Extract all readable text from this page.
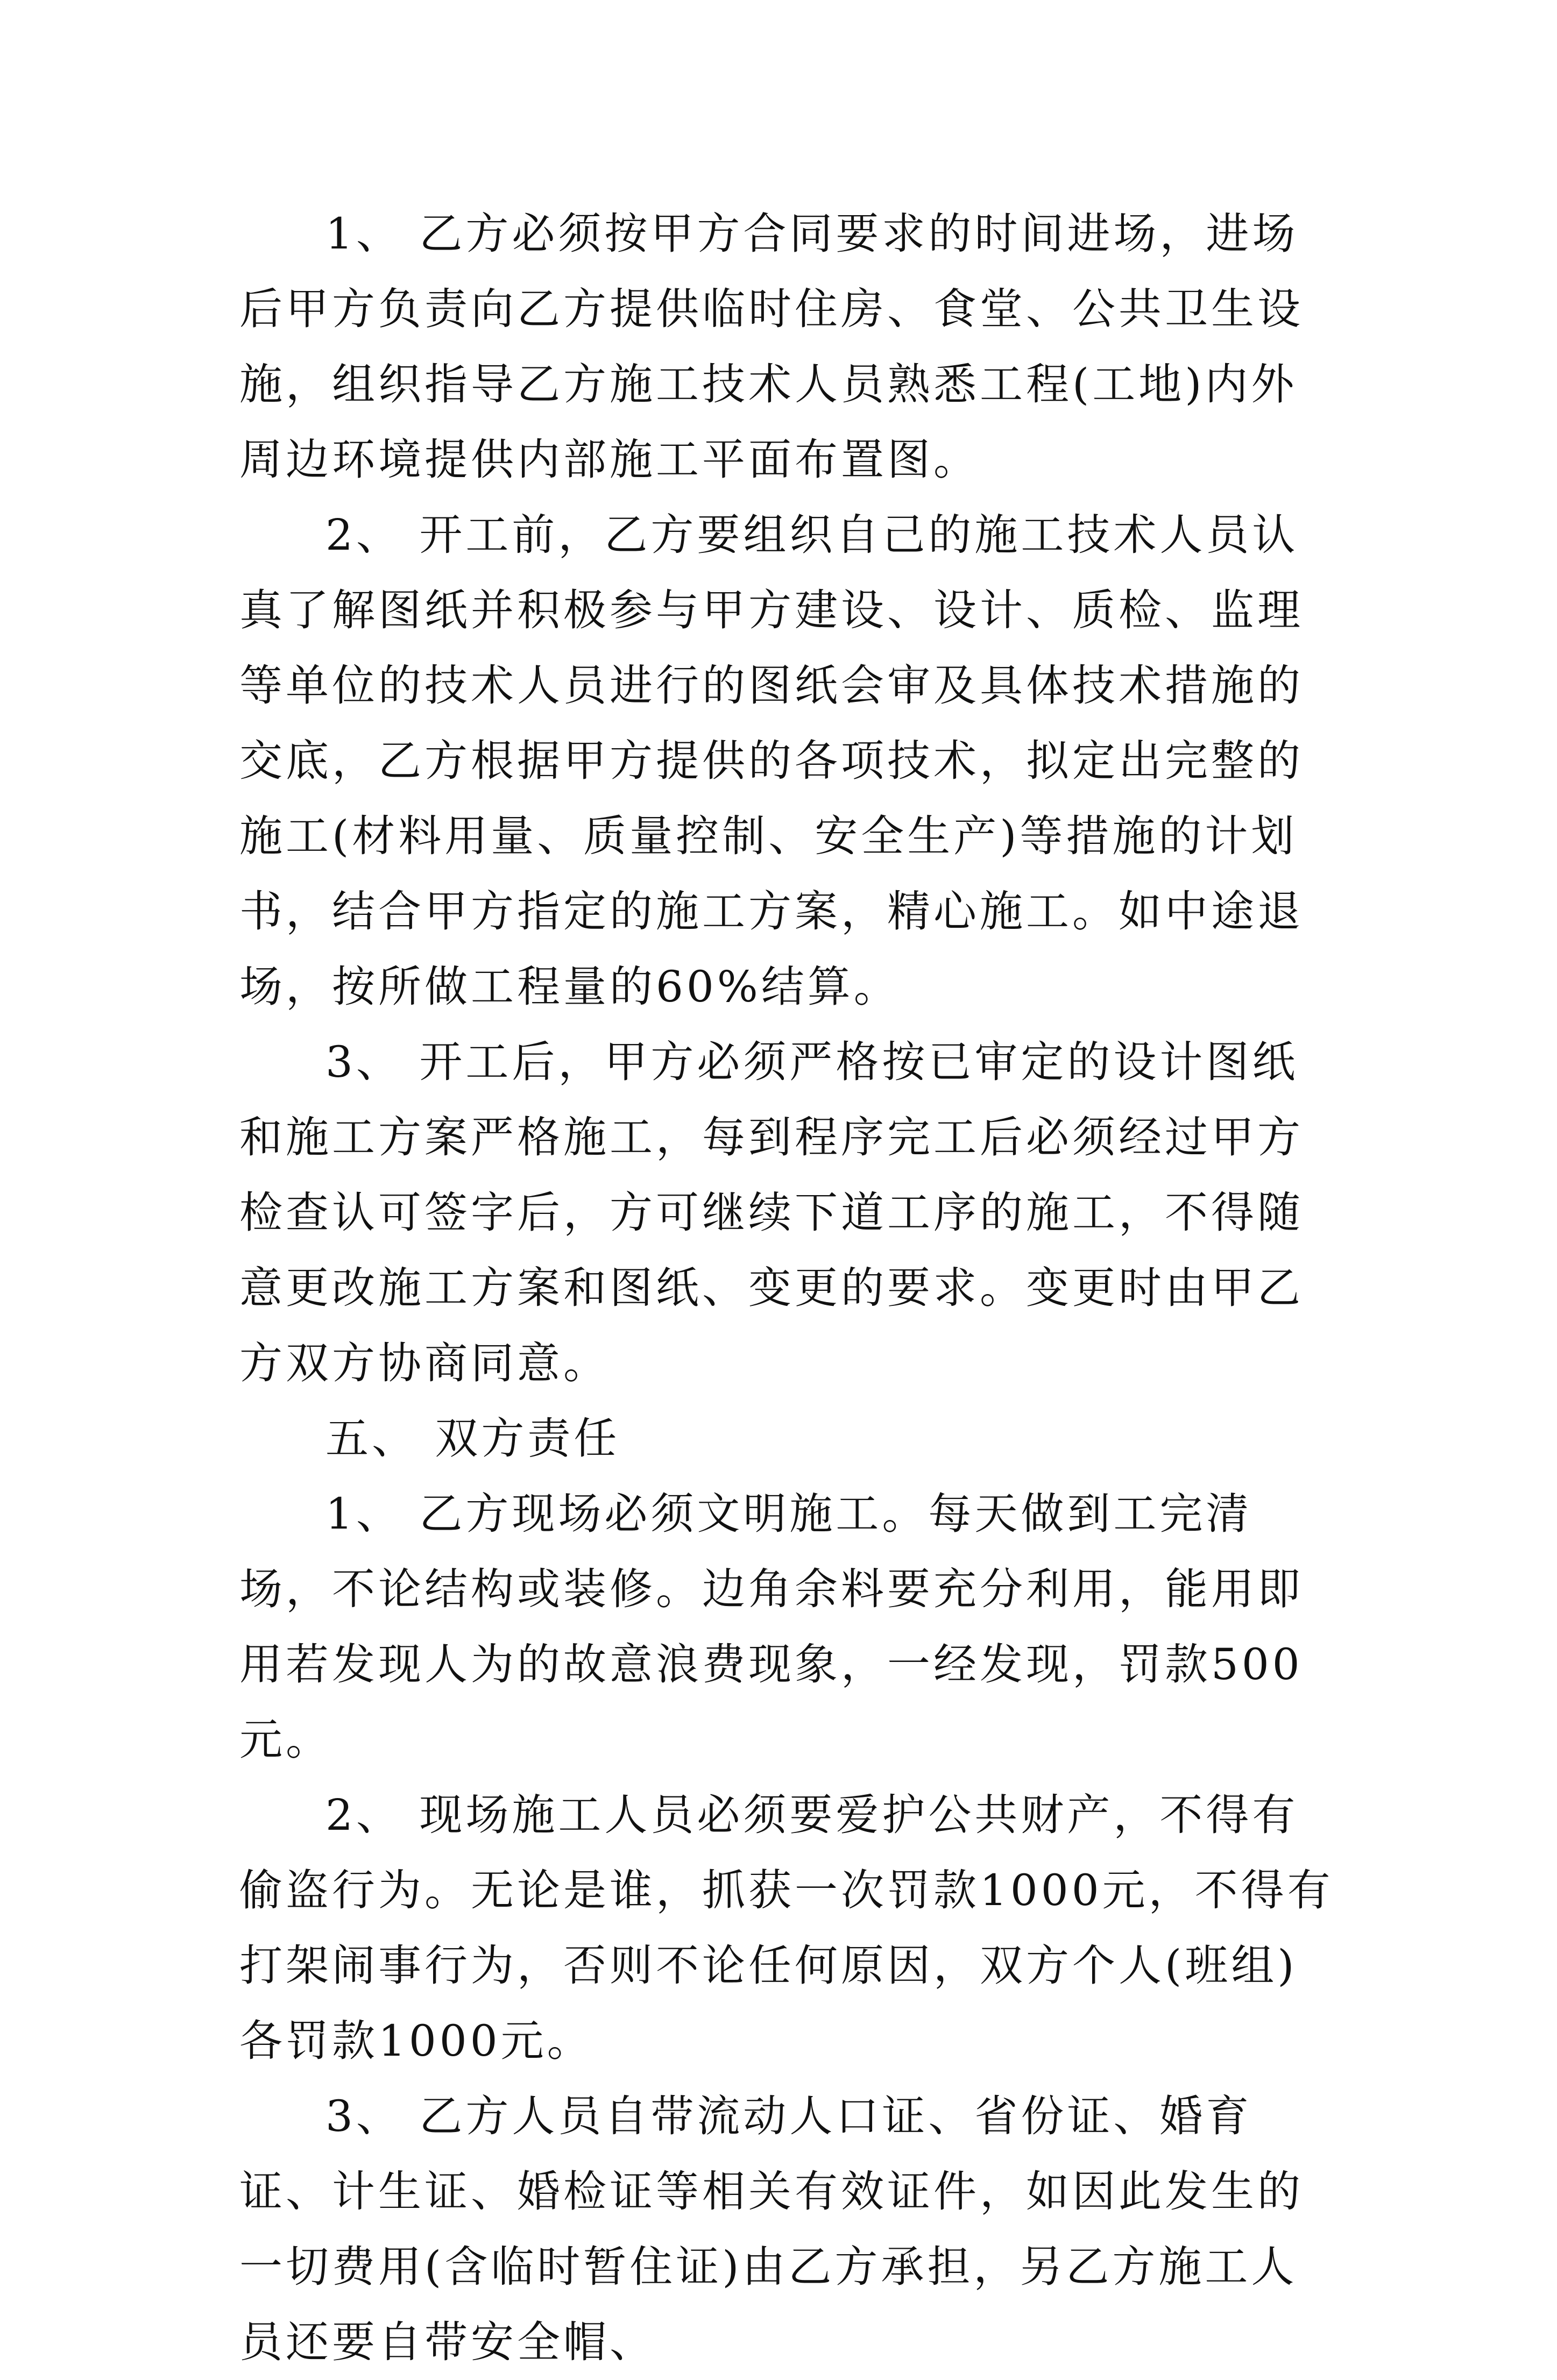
1、 乙方必须按甲方合同要求的时间进场，进场后甲方负责向乙方提供临时住房、食堂、公共卫生设施，组织指导乙方施工技术人员熟悉工程(工地)内外周边环境提供内部施工平面布置图。

2、 开工前，乙方要组织自己的施工技术人员认真了解图纸并积极参与甲方建设、设计、质检、监理等单位的技术人员进行的图纸会审及具体技术措施的交底，乙方根据甲方提供的各项技术，拟定出完整的施工(材料用量、质量控制、安全生产)等措施的计划书，结合甲方指定的施工方案，精心施工。如中途退场，按所做工程量的60%结算。

3、 开工后，甲方必须严格按已审定的设计图纸和施工方案严格施工，每到程序完工后必须经过甲方检查认可签字后，方可继续下道工序的施工，不得随意更改施工方案和图纸、变更的要求。变更时由甲乙方双方协商同意。

五、 双方责任

1、 乙方现场必须文明施工。每天做到工完清场，不论结构或装修。边角余料要充分利用，能用即用若发现人为的故意浪费现象，一经发现，罚款500元。

2、 现场施工人员必须要爱护公共财产，不得有偷盗行为。无论是谁，抓获一次罚款1000元，不得有打架闹事行为，否则不论任何原因，双方个人(班组)各罚款1000元。

3、 乙方人员自带流动人口证、省份证、婚育证、计生证、婚检证等相关有效证件，如因此发生的一切费用(含临时暂住证)由乙方承担，另乙方施工人员还要自带安全帽、
